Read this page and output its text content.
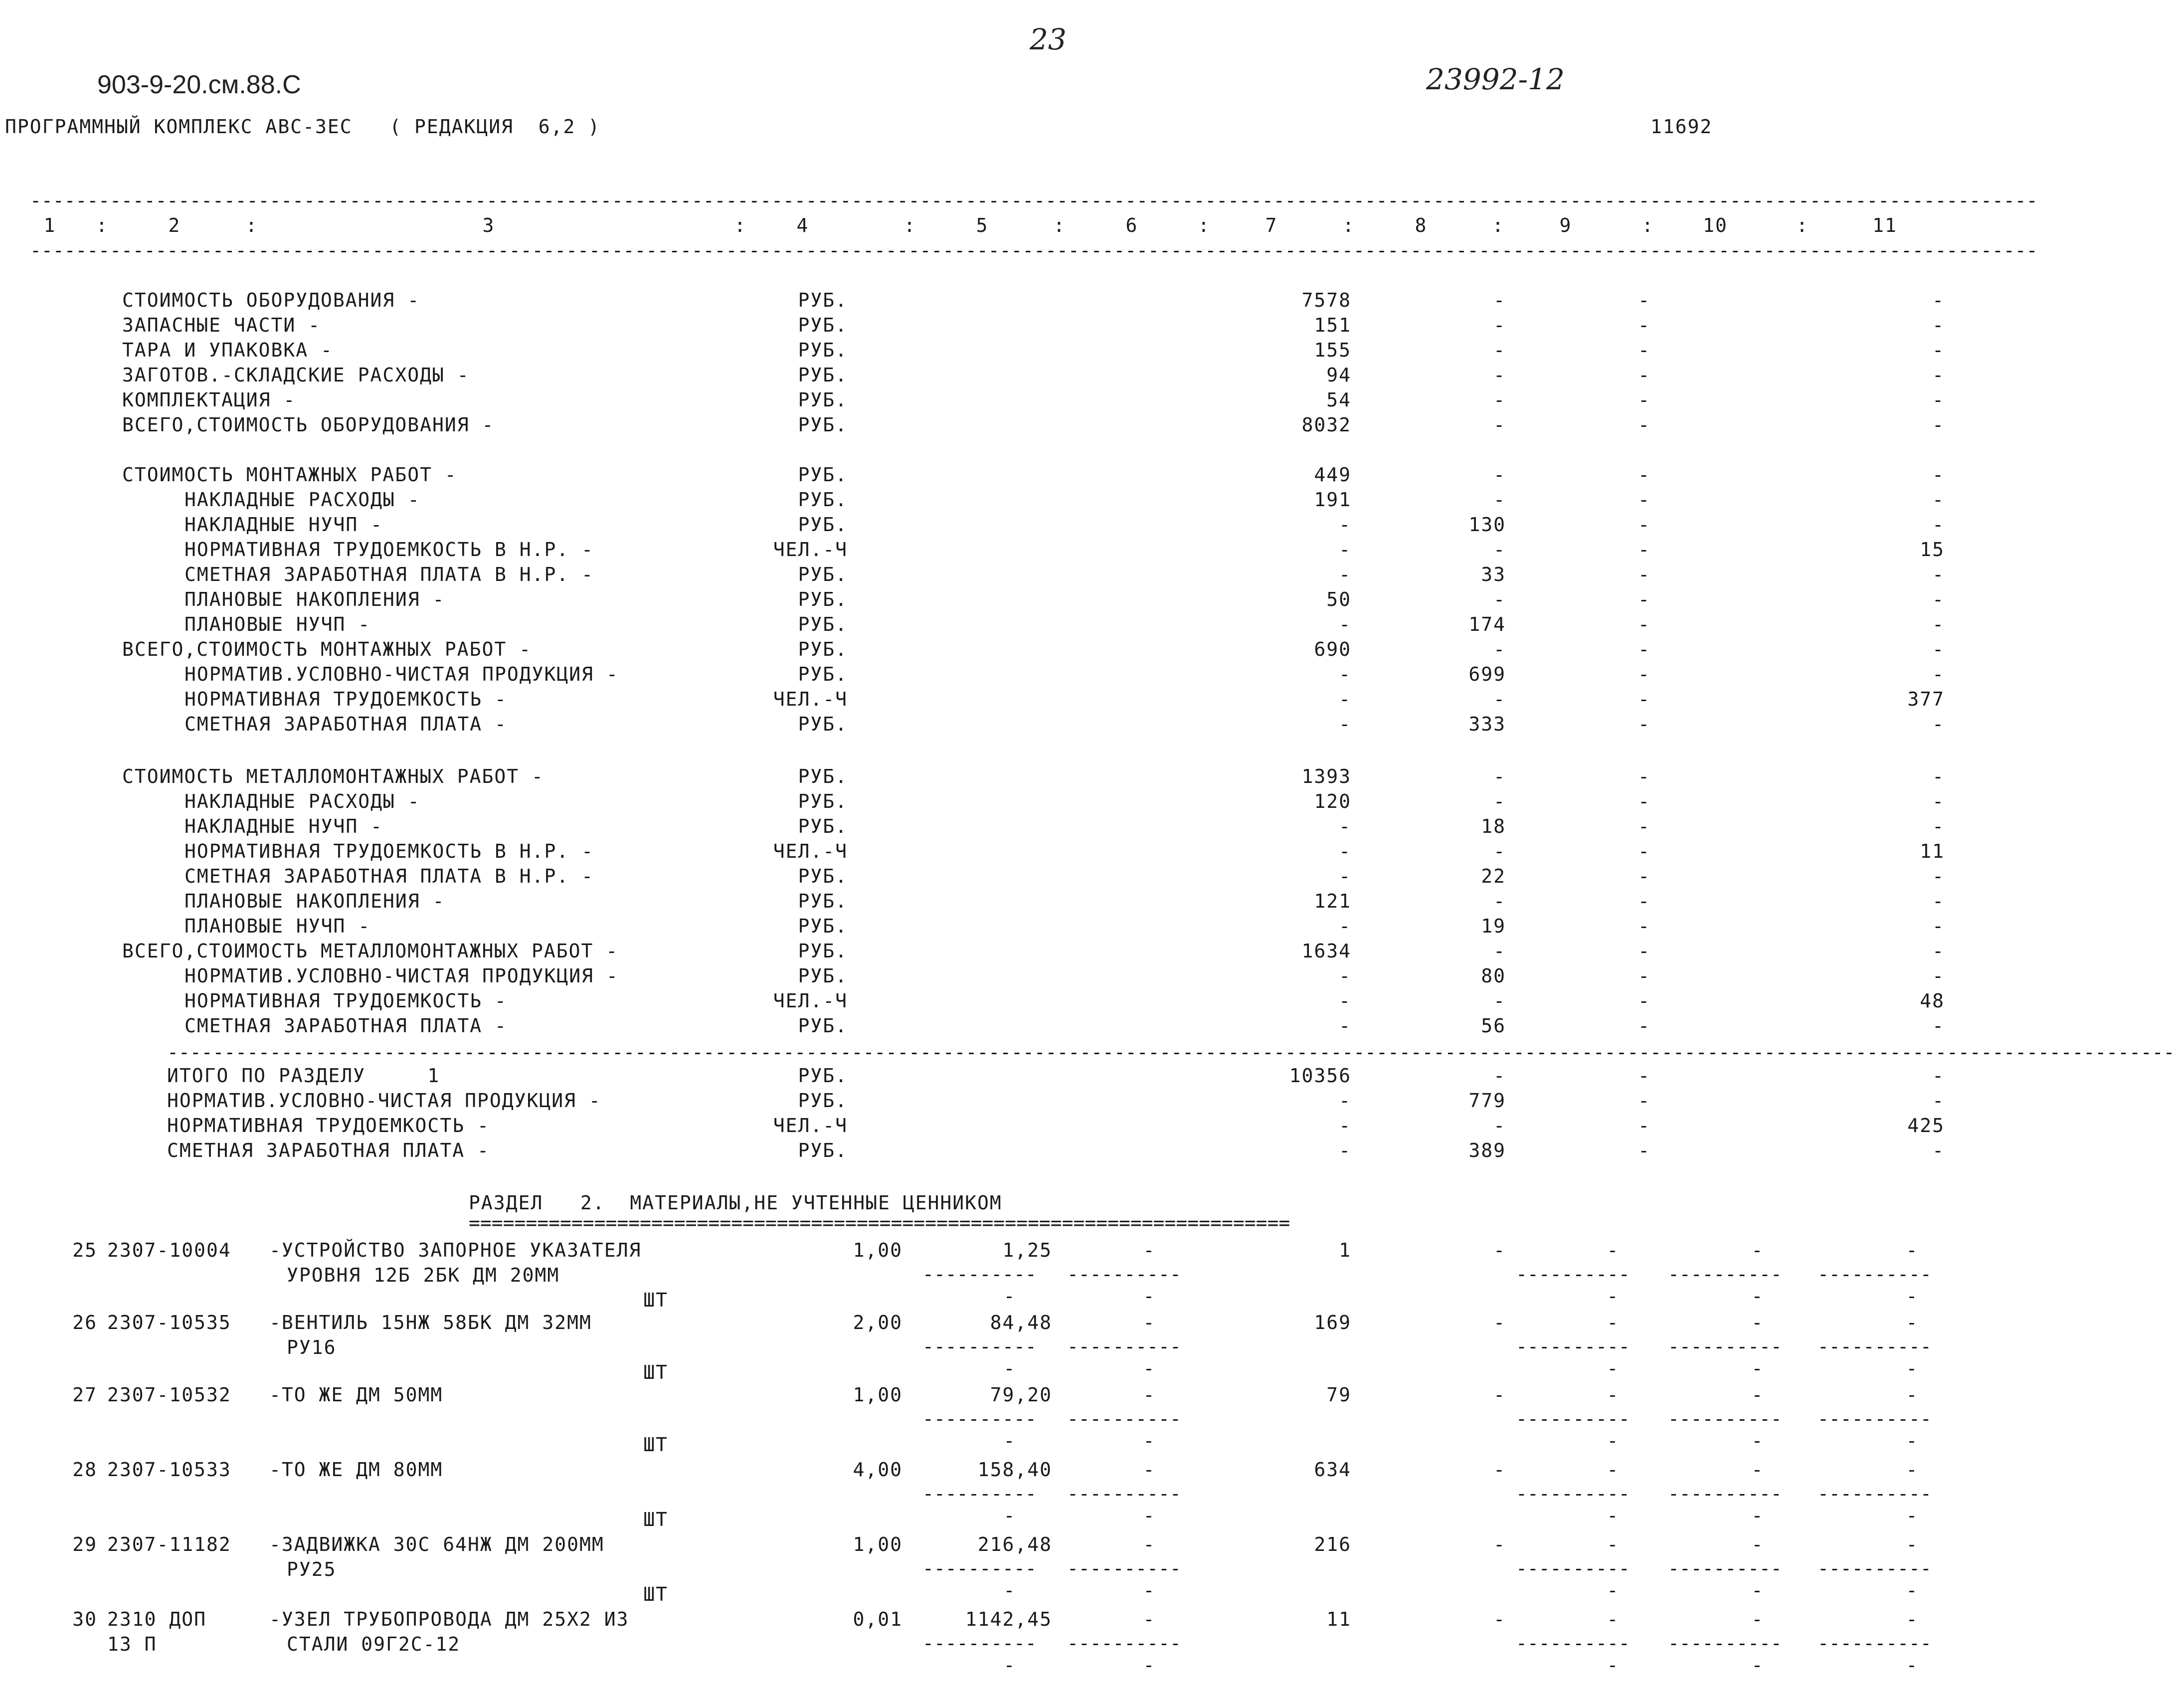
23
903-9-20.см.88.С	23992-12
ПРОГРАММНЫЙ КОМПЛЕКС АВС-3ЕС   ( РЕДАКЦИЯ  6,2 )	11692
--------------------------------------------------------------------------------------------------------------------------------------------------------------------------------
1	2	3	4	5	6	7	8	9	10	11
:	:	:	:	:	:	:	:	:	:
--------------------------------------------------------------------------------------------------------------------------------------------------------------------------------
СТОИМОСТЬ ОБОРУДОВАНИЯ -	РУБ.	7578	-	-	-
ЗАПАСНЫЕ ЧАСТИ -	РУБ.	151	-	-	-
ТАРА И УПАКОВКА -	РУБ.	155	-	-	-
ЗАГОТОВ.-СКЛАДСКИЕ РАСХОДЫ -	РУБ.	94	-	-	-
КОМПЛЕКТАЦИЯ -	РУБ.	54	-	-	-
ВСЕГО,СТОИМОСТЬ ОБОРУДОВАНИЯ -	РУБ.	8032	-	-	-
СТОИМОСТЬ МОНТАЖНЫХ РАБОТ -	РУБ.	449	-	-	-
НАКЛАДНЫЕ РАСХОДЫ -	РУБ.	191	-	-	-
НАКЛАДНЫЕ НУЧП -	РУБ.	-	130	-	-
НОРМАТИВНАЯ ТРУДОЕМКОСТЬ В Н.Р. -	ЧЕЛ.-Ч	-	-	-	15
СМЕТНАЯ ЗАРАБОТНАЯ ПЛАТА В Н.Р. -	РУБ.	-	33	-	-
ПЛАНОВЫЕ НАКОПЛЕНИЯ -	РУБ.	50	-	-	-
ПЛАНОВЫЕ НУЧП -	РУБ.	-	174	-	-
ВСЕГО,СТОИМОСТЬ МОНТАЖНЫХ РАБОТ -	РУБ.	690	-	-	-
НОРМАТИВ.УСЛОВНО-ЧИСТАЯ ПРОДУКЦИЯ -	РУБ.	-	699	-	-
НОРМАТИВНАЯ ТРУДОЕМКОСТЬ -	ЧЕЛ.-Ч	-	-	-	377
СМЕТНАЯ ЗАРАБОТНАЯ ПЛАТА -	РУБ.	-	333	-	-
СТОИМОСТЬ МЕТАЛЛОМОНТАЖНЫХ РАБОТ -	РУБ.	1393	-	-	-
НАКЛАДНЫЕ РАСХОДЫ -	РУБ.	120	-	-	-
НАКЛАДНЫЕ НУЧП -	РУБ.	-	18	-	-
НОРМАТИВНАЯ ТРУДОЕМКОСТЬ В Н.Р. -	ЧЕЛ.-Ч	-	-	-	11
СМЕТНАЯ ЗАРАБОТНАЯ ПЛАТА В Н.Р. -	РУБ.	-	22	-	-
ПЛАНОВЫЕ НАКОПЛЕНИЯ -	РУБ.	121	-	-	-
ПЛАНОВЫЕ НУЧП -	РУБ.	-	19	-	-
ВСЕГО,СТОИМОСТЬ МЕТАЛЛОМОНТАЖНЫХ РАБОТ -	РУБ.	1634	-	-	-
НОРМАТИВ.УСЛОВНО-ЧИСТАЯ ПРОДУКЦИЯ -	РУБ.	-	80	-	-
НОРМАТИВНАЯ ТРУДОЕМКОСТЬ -	ЧЕЛ.-Ч	-	-	-	48
СМЕТНАЯ ЗАРАБОТНАЯ ПЛАТА -	РУБ.	-	56	-	-
--------------------------------------------------------------------------------------------------------------------------------------------------------------------------------
ИТОГО ПО РАЗДЕЛУ     1	РУБ.	10356	-	-	-
НОРМАТИВ.УСЛОВНО-ЧИСТАЯ ПРОДУКЦИЯ -	РУБ.	-	779	-	-
НОРМАТИВНАЯ ТРУДОЕМКОСТЬ -	ЧЕЛ.-Ч	-	-	-	425
СМЕТНАЯ ЗАРАБОТНАЯ ПЛАТА -	РУБ.	-	389	-	-
РАЗДЕЛ   2.  МАТЕРИАЛЫ,НЕ УЧТЕННЫЕ ЦЕННИКОМ
========================================================================
25 2307-10004 -УСТРОЙСТВО ЗАПОРНОЕ УКАЗАТЕЛЯ
УРОВНЯ 12Б 2БК ДМ 20ММ
ШТ
1,00	1,25	-	1	-	-	-	-
----------	----------	----------	----------	----------
-	-	-	-	-
26 2307-10535 -ВЕНТИЛЬ 15НЖ 58БК ДМ 32ММ
РУ16
ШТ
2,00	84,48	-	169	-	-	-	-
----------	----------	----------	----------	----------
-	-	-	-	-
27 2307-10532 -ТО ЖЕ ДМ 50ММ
ШТ
1,00	79,20	-	79	-	-	-	-
----------	----------	----------	----------	----------
-	-	-	-	-
28 2307-10533 -ТО ЖЕ ДМ 80ММ
ШТ
4,00	158,40	-	634	-	-	-	-
----------	----------	----------	----------	----------
-	-	-	-	-
29 2307-11182 -ЗАДВИЖКА 30С 64НЖ ДМ 200ММ
РУ25
ШТ
1,00	216,48	-	216	-	-	-	-
----------	----------	----------	----------	----------
-	-	-	-	-
30 2310 ДОП
13 П
-УЗЕЛ ТРУБОПРОВОДА ДМ 25Х2 ИЗ
СТАЛИ 09Г2С-12
0,01	1142,45	-	11	-	-	-	-
----------	----------	----------	----------	----------
-	-	-	-	-
